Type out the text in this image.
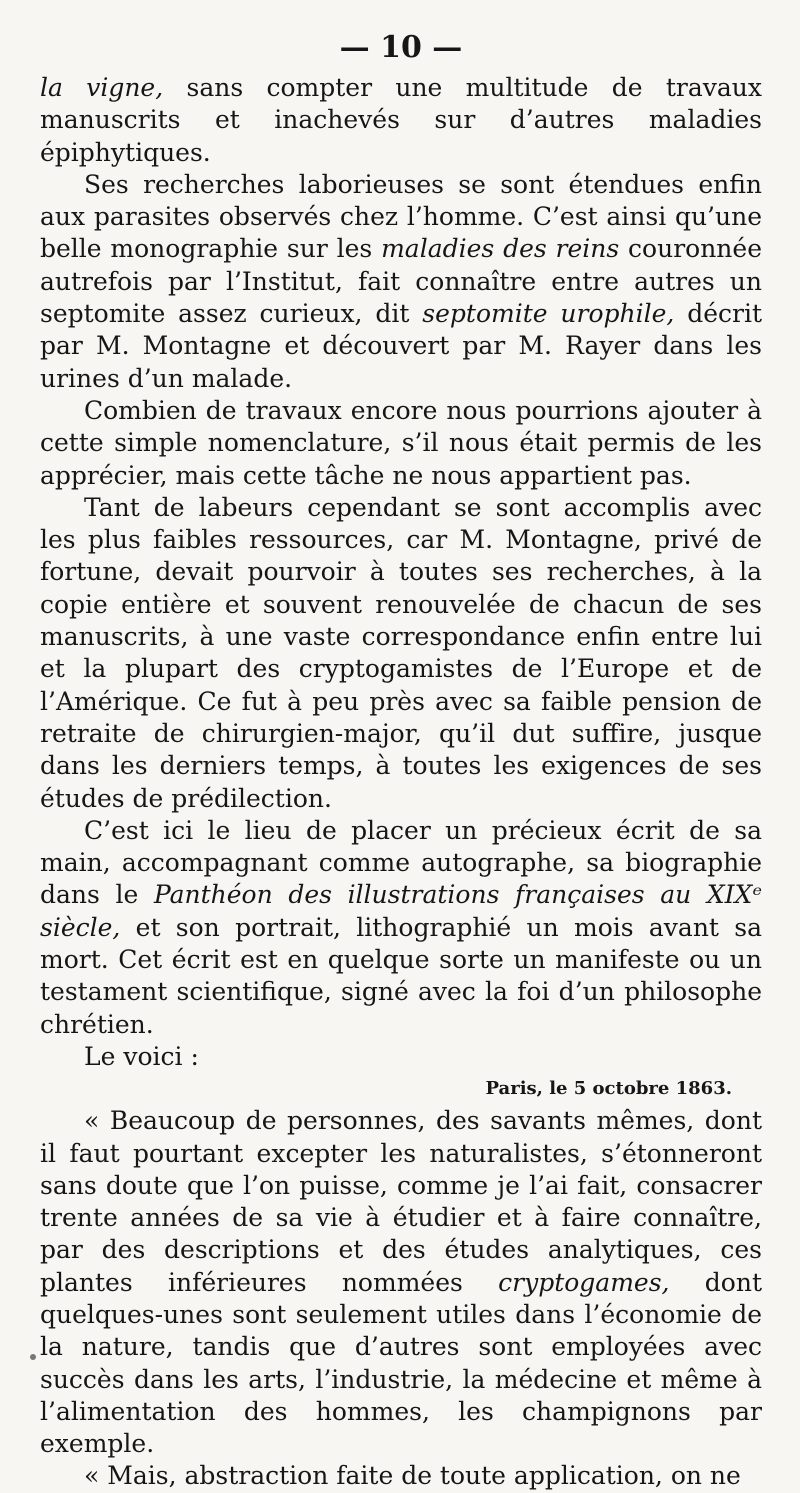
— 10 —

la vigne, sans compter une multitude de travaux manuscrits et inachevés sur d’autres maladies épiphytiques.

Ses recherches laborieuses se sont étendues enfin aux parasites observés chez l’homme. C’est ainsi qu’une belle monographie sur les maladies des reins couronnée autrefois par l’Institut, fait connaître entre autres un septomite assez curieux, dit septomite urophile, décrit par M. Montagne et découvert par M. Rayer dans les urines d’un malade.

Combien de travaux encore nous pourrions ajouter à cette simple nomenclature, s’il nous était permis de les apprécier, mais cette tâche ne nous appartient pas.

Tant de labeurs cependant se sont accomplis avec les plus faibles ressources, car M. Montagne, privé de fortune, devait pourvoir à toutes ses recherches, à la copie entière et souvent renouvelée de chacun de ses manuscrits, à une vaste correspondance enfin entre lui et la plupart des cryptogamistes de l’Europe et de l’Amérique. Ce fut à peu près avec sa faible pension de retraite de chirurgien-major, qu’il dut suffire, jusque dans les derniers temps, à toutes les exigences de ses études de prédilection.

C’est ici le lieu de placer un précieux écrit de sa main, accompagnant comme autographe, sa biographie dans le Panthéon des illustrations françaises au XIXᵉ siècle, et son portrait, lithographié un mois avant sa mort. Cet écrit est en quelque sorte un manifeste ou un testament scientifique, signé avec la foi d’un philosophe chrétien.

Le voici :

Paris, le 5 octobre 1863.

« Beaucoup de personnes, des savants mêmes, dont il faut pourtant excepter les naturalistes, s’étonneront sans doute que l’on puisse, comme je l’ai fait, consacrer trente années de sa vie à étudier et à faire connaître, par des descriptions et des études analytiques, ces plantes inférieures nommées cryptogames, dont quelques-unes sont seulement utiles dans l’économie de la nature, tandis que d’autres sont employées avec succès dans les arts, l’industrie, la médecine et même à l’alimentation des hommes, les champignons par exemple.

« Mais, abstraction faite de toute application, on ne
